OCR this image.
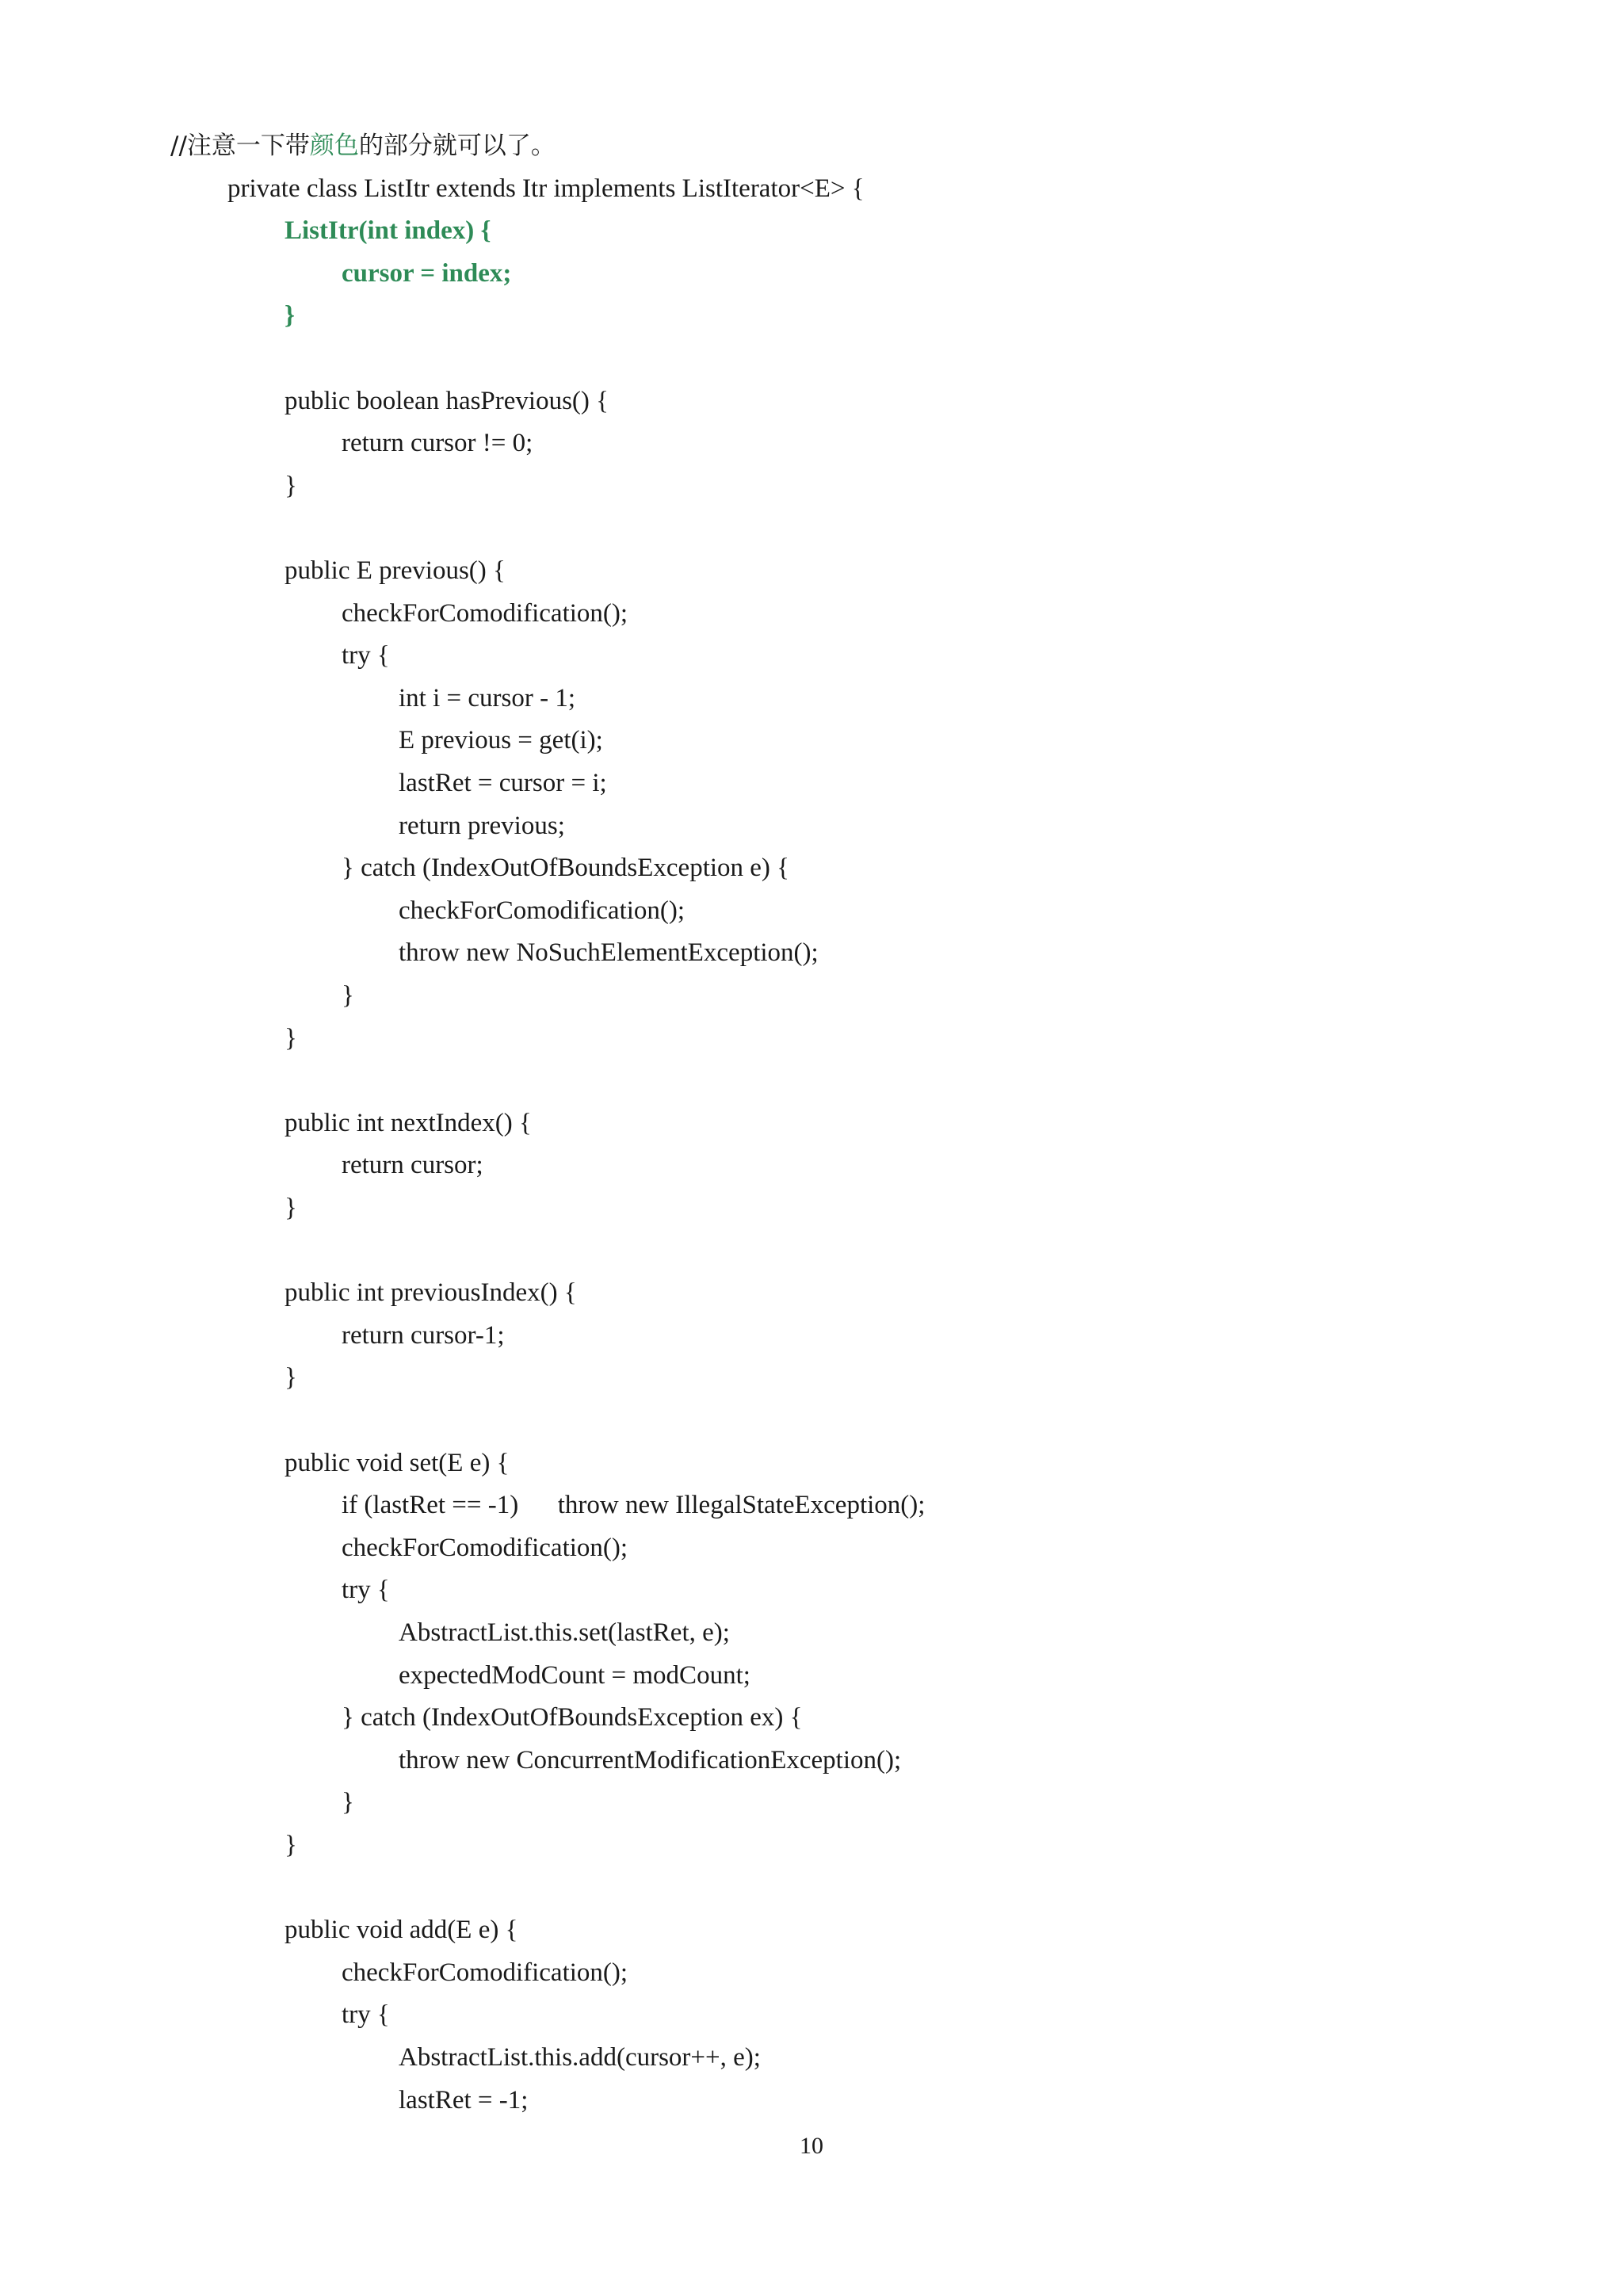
//注意一下带颜色的部分就可以了。
private class ListItr extends Itr implements ListIterator<E> {
ListItr(int index) {
cursor = index;
}
public boolean hasPrevious() {
return cursor != 0;
}
public E previous() {
checkForComodification();
try {
int i = cursor - 1;
E previous = get(i);
lastRet = cursor = i;
return previous;
} catch (IndexOutOfBoundsException e) {
checkForComodification();
throw new NoSuchElementException();
}
}
public int nextIndex() {
return cursor;
}
public int previousIndex() {
return cursor-1;
}
public void set(E e) {
if (lastRet == -1)      throw new IllegalStateException();
checkForComodification();
try {
AbstractList.this.set(lastRet, e);
expectedModCount = modCount;
} catch (IndexOutOfBoundsException ex) {
throw new ConcurrentModificationException();
}
}
public void add(E e) {
checkForComodification();
try {
AbstractList.this.add(cursor++, e);
lastRet = -1;
10
